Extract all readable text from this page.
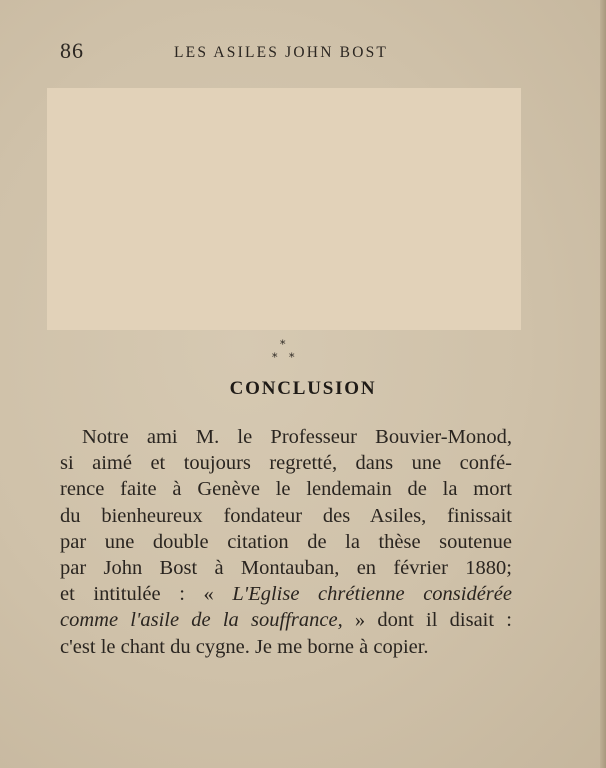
86	LES ASILES JOHN BOST
*
* *
CONCLUSION
Notre ami M. le Professeur Bouvier-Monod,
si aimé et toujours regretté, dans une confé-
rence faite à Genève le lendemain de la mort
du bienheureux fondateur des Asiles, finissait
par une double citation de la thèse soutenue
par John Bost à Montauban, en février 1880;
et intitulée : « L'Eglise chrétienne considérée
comme l'asile de la souffrance, » dont il disait :
c'est le chant du cygne. Je me borne à copier.
